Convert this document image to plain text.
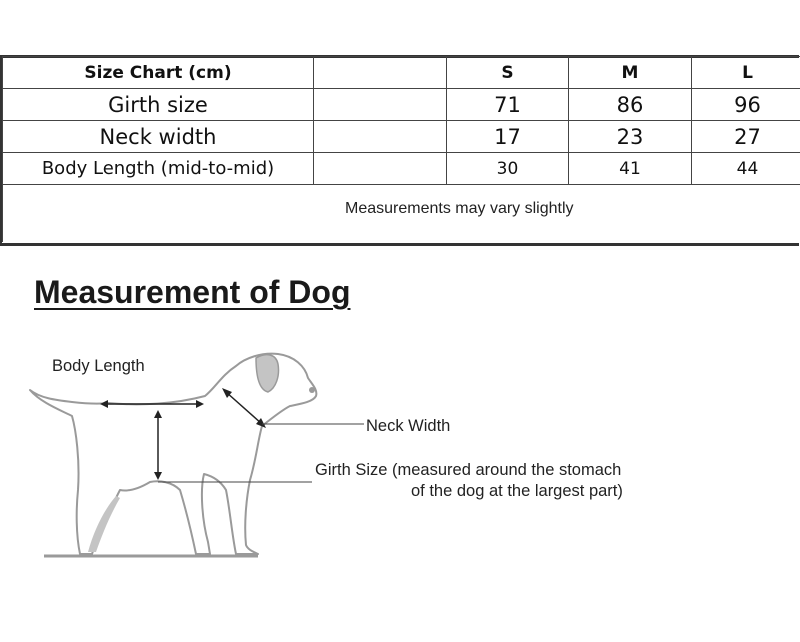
Size Chart (cm)		S	M	L
Girth size		71	86	96
Neck width		17	23	27
Body Length (mid-to-mid)		30	41	44

Measurements may vary slightly
Measurement of Dog
Body Length
Neck Width
Girth Size (measured around the stomach
of the dog at the largest part)
